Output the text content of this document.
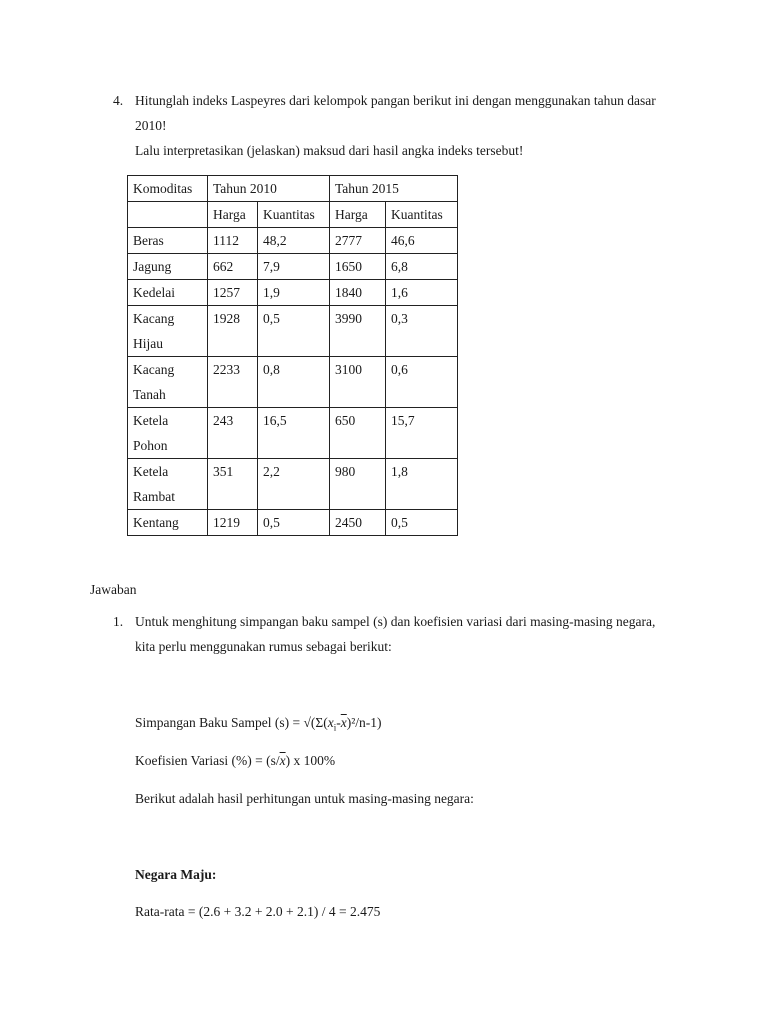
4. Hitunglah indeks Laspeyres dari kelompok pangan berikut ini dengan menggunakan tahun dasar
2010!
Lalu interpretasikan (jelaskan) maksud dari hasil angka indeks tersebut!
Komoditas	Tahun 2010		Tahun 2015	
	Harga	Kuantitas	Harga	Kuantitas
Beras	1112	48,2	2777	46,6
Jagung	662	7,9	1650	6,8
Kedelai	1257	1,9	1840	1,6
Kacang Hijau	1928	0,5	3990	0,3
Kacang Tanah	2233	0,8	3100	0,6
Ketela Pohon	243	16,5	650	15,7
Ketela Rambat	351	2,2	980	1,8
Kentang	1219	0,5	2450	0,5
Jawaban
1. Untuk menghitung simpangan baku sampel (s) dan koefisien variasi dari masing-masing negara,
kita perlu menggunakan rumus sebagai berikut:
Simpangan Baku Sampel $(s) = √(\Sigma(x_i-\overline{x})^2/n-1)$
Koefisien Variasi (%) = $(s/\overline{x})$ x 100%
Berikut adalah hasil perhitungan untuk masing-masing negara:
Negara Maju:
Rata-rata = (2.6 + 3.2 + 2.0 + 2.1) / 4 = 2.475
